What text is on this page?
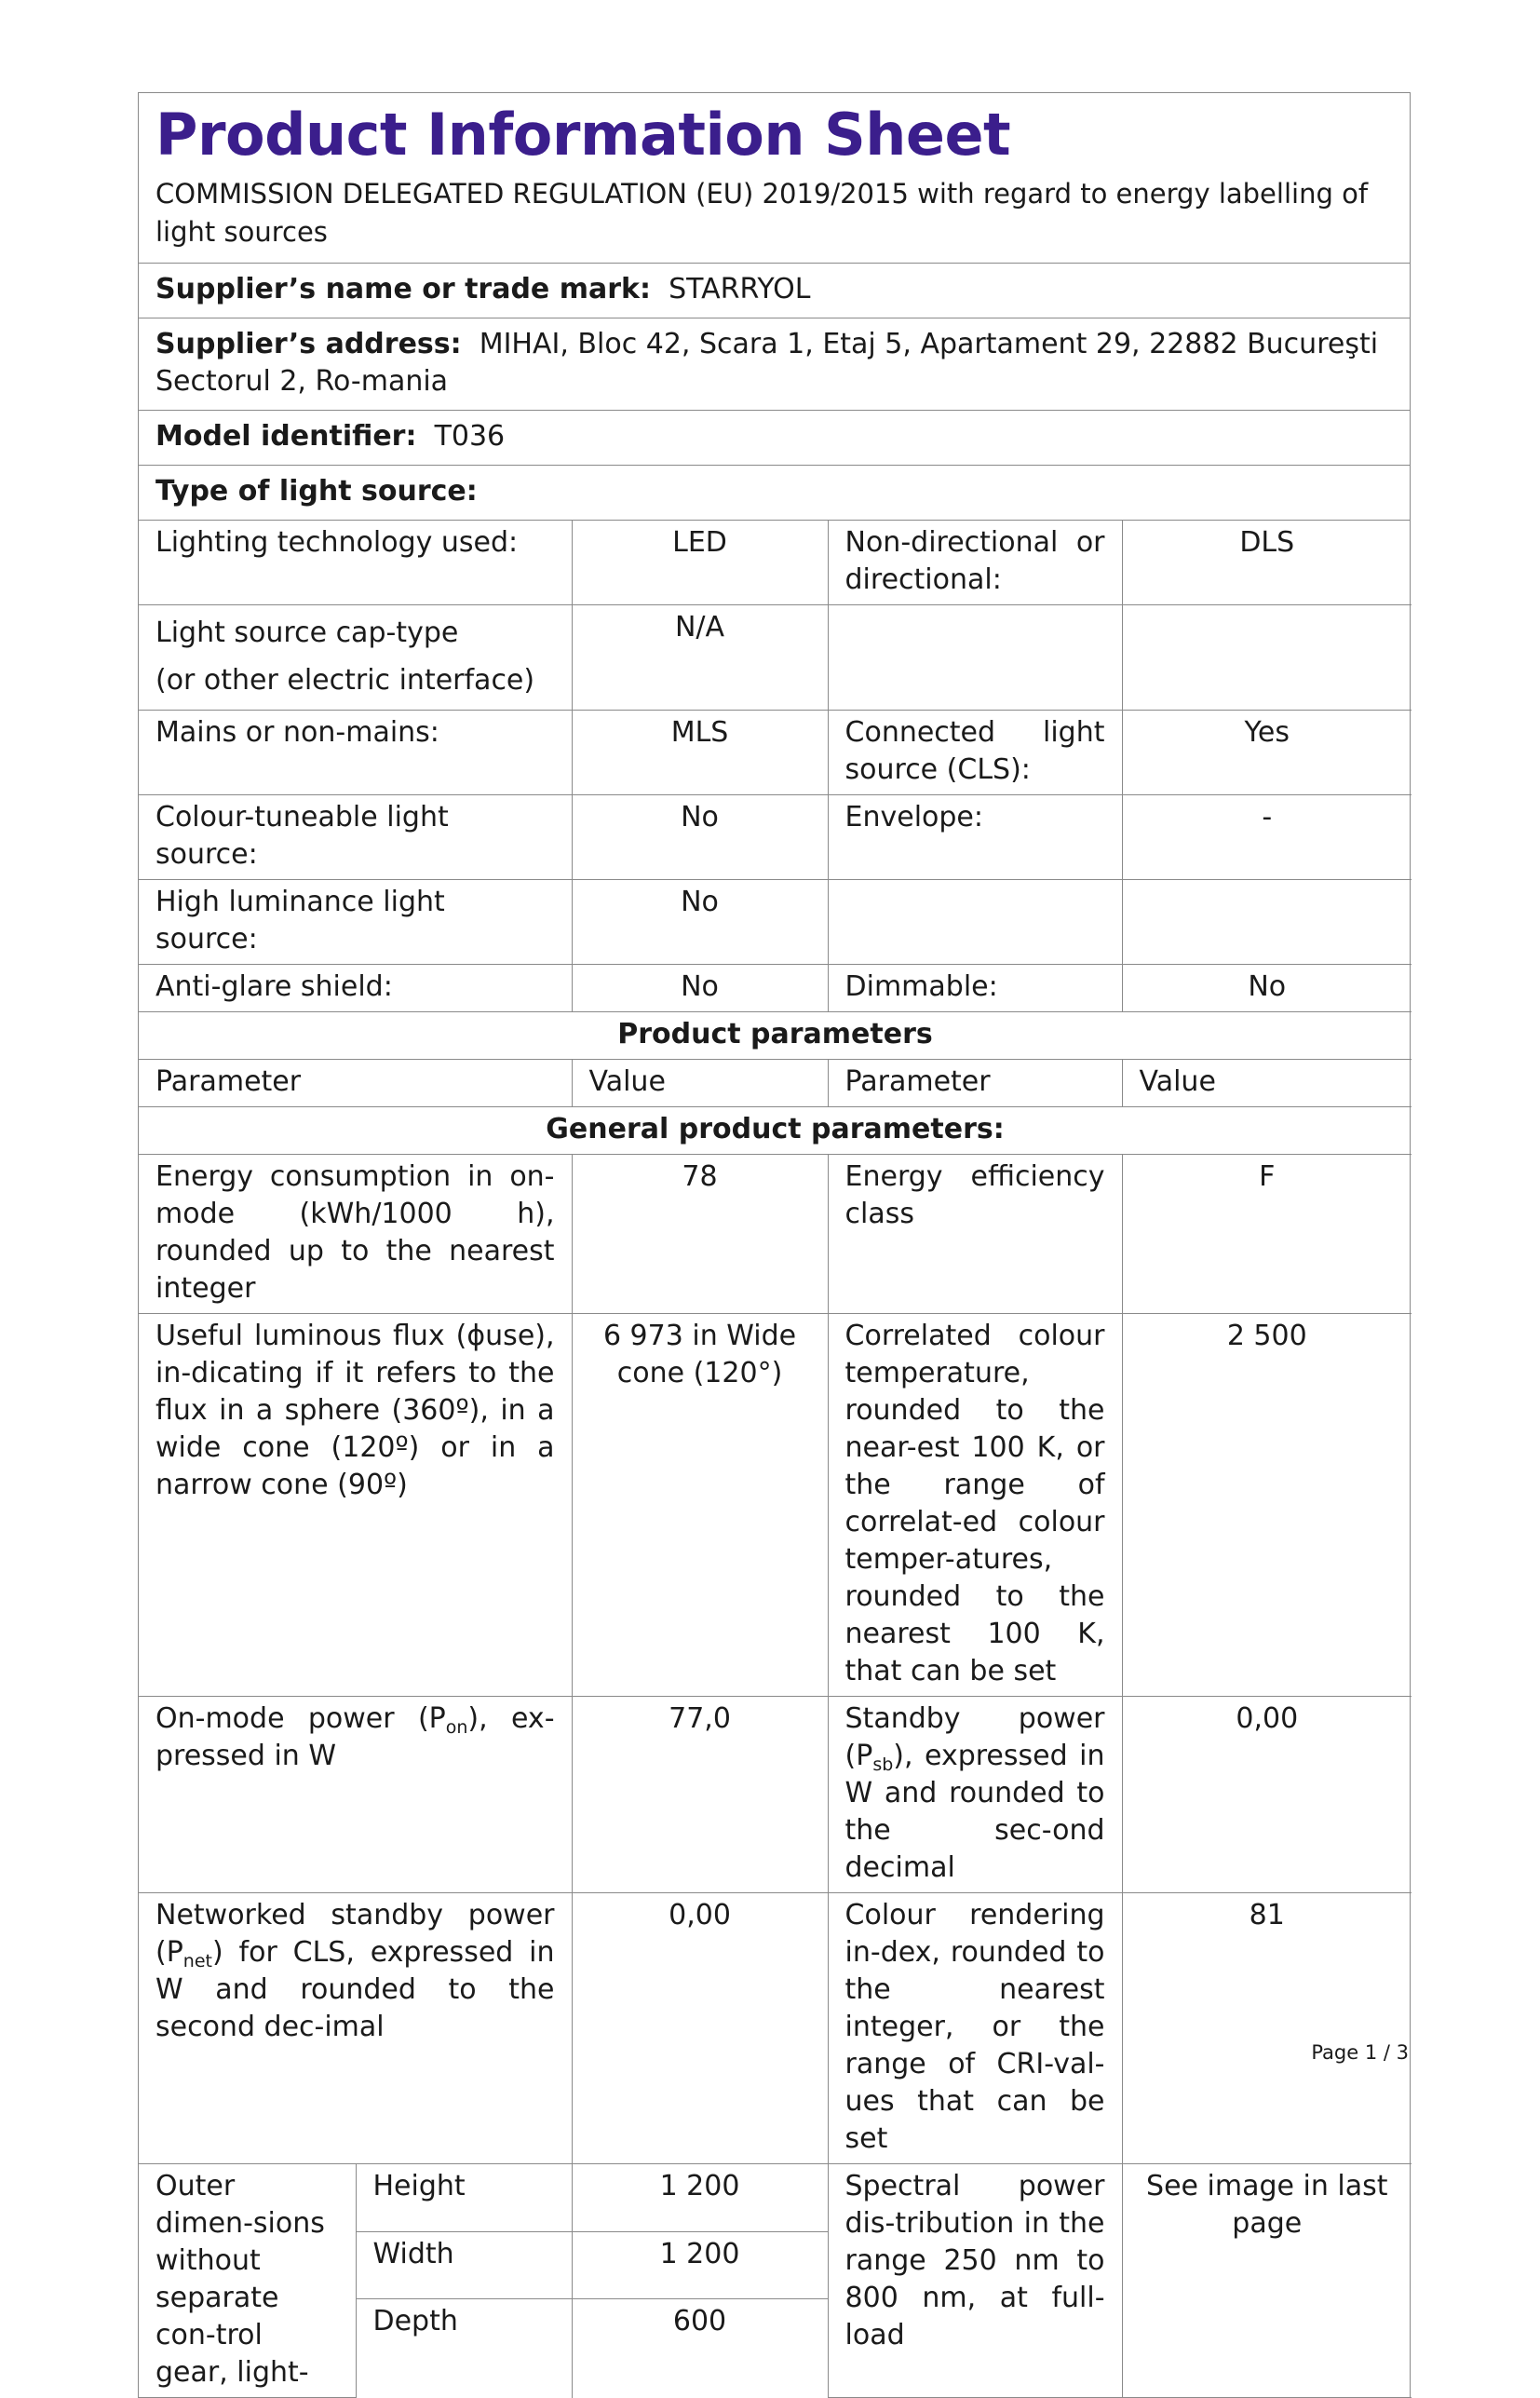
Product Information Sheet
COMMISSION DELEGATED REGULATION (EU) 2019/2015 with regard to energy labelling of light sources
Supplier’s name or trade mark: STARRYOL
Supplier’s address: MIHAI, Bloc 42, Scara 1, Etaj 5, Apartament 29, 22882 Bucureşti Sectorul 2, Ro-mania
Model identifier: T036
Type of light source:
Lighting technology used:		LED	Non-directional or directional:	DLS

Light source cap-type
(or other electric interface)		N/A		
Mains or non-mains:		MLS	Connected light source (CLS):	Yes
Colour-tuneable light source:		No	Envelope:	-
High luminance light source:		No		
Anti-glare shield:		No	Dimmable:	No
Product parameters				
Parameter		Value	Parameter	Value
General product parameters:				
Energy consumption in on-mode (kWh/1000 h), rounded up to the nearest integer		78	Energy efficiency class	F
Useful luminous flux (ϕuse), in-dicating if it refers to the flux in a sphere (360º), in a wide cone (120º) or in a narrow cone (90º)		6 973 in Wide cone (120°)	Correlated colour temperature, rounded to the near-est 100 K, or the range of correlat-ed colour temper-atures, rounded to the nearest 100 K, that can be set	2 500
On-mode power $(P_{on})$, ex-pressed in W		77,0	Standby power $(P_{sb})$, expressed in W and rounded to the sec-ond decimal	0,00
Networked standby power $(P_{net})$ for CLS, expressed in W and rounded to the second dec-imal		0,00	Colour rendering in-dex, rounded to the nearest integer, or the range of CRI-val-ues that can be set	81
Outer dimen-sions without separate con-trol gear, light-	Height	1 200	Spectral power dis-tribution in the range 250 nm to 800 nm, at full-load	See image in last page
	Width	1 200		
	Depth	600		
Page 1 / 3
